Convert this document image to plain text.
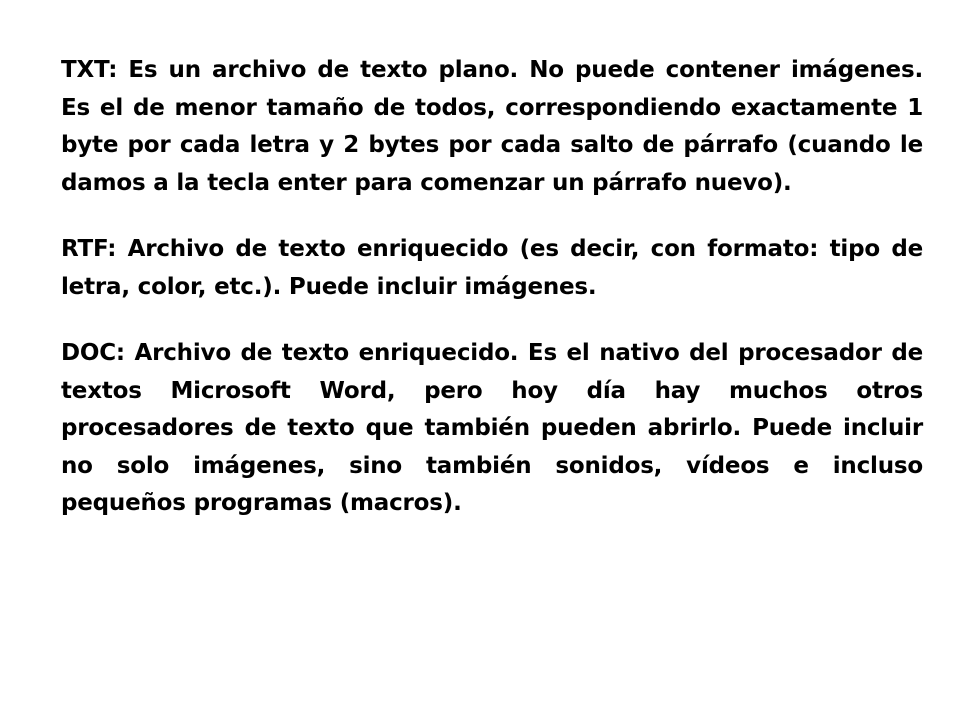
TXT: Es un archivo de texto plano. No puede contener imágenes. Es el de menor tamaño de todos, correspondiendo exactamente 1 byte por cada letra y 2 bytes por cada salto de párrafo (cuando le damos a la tecla enter para comenzar un párrafo nuevo).

RTF: Archivo de texto enriquecido (es decir, con formato: tipo de letra, color, etc.). Puede incluir imágenes.

DOC: Archivo de texto enriquecido. Es el nativo del procesador de textos Microsoft Word, pero hoy día hay muchos otros procesadores de texto que también pueden abrirlo. Puede incluir no solo imágenes, sino también sonidos, vídeos e incluso pequeños programas (macros).
